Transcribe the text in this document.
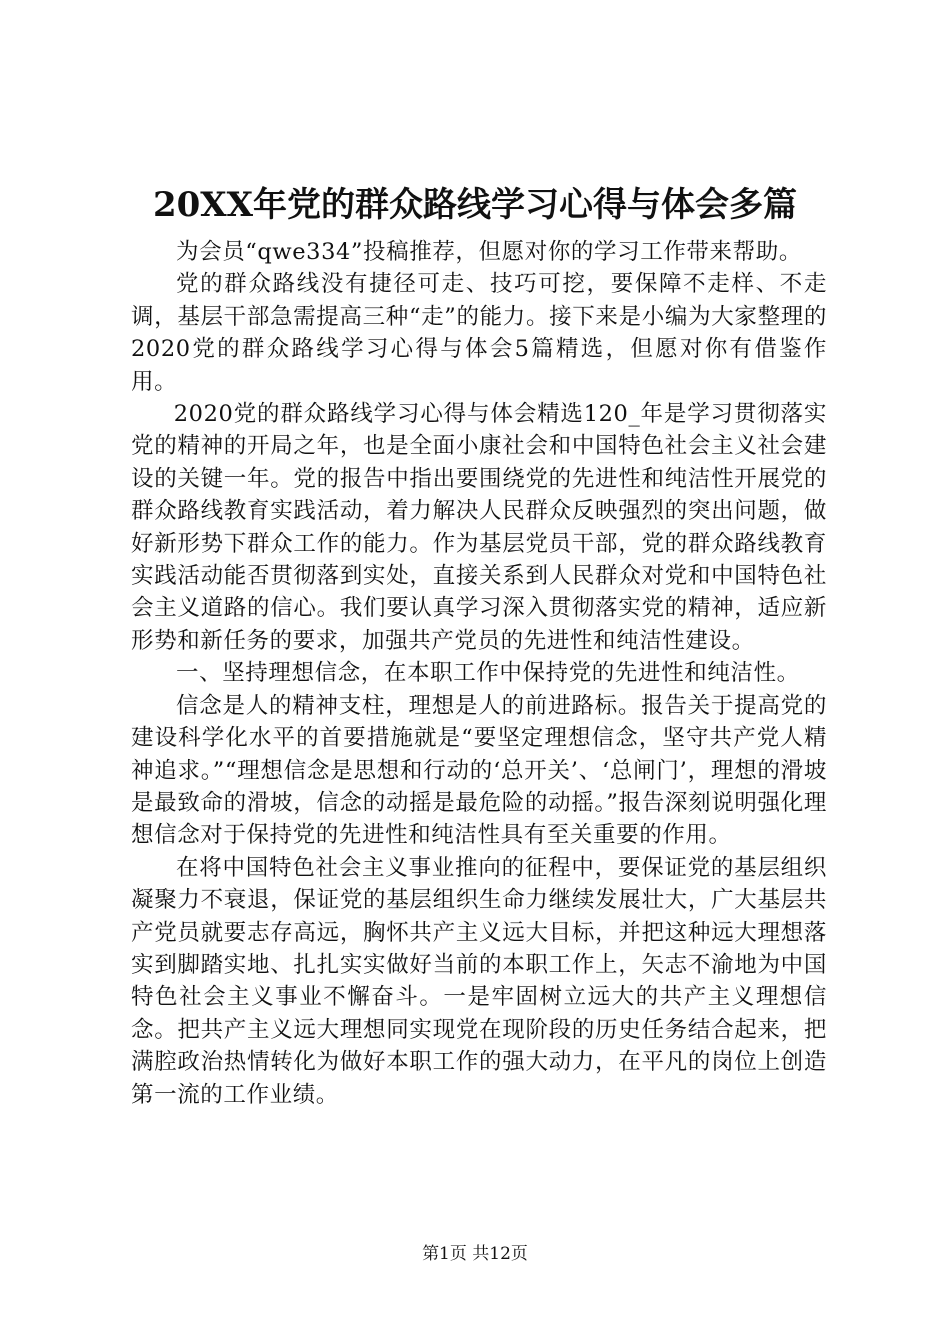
20XX年党的群众路线学习心得与体会多篇

为会员“qwe334”投稿推荐，但愿对你的学习工作带来帮助。

党的群众路线没有捷径可走、技巧可挖，要保障不走样、不走调，基层干部急需提高三种“走”的能力。接下来是小编为大家整理的2020党的群众路线学习心得与体会5篇精选，但愿对你有借鉴作用。

2020党的群众路线学习心得与体会精选120_年是学习贯彻落实党的精神的开局之年，也是全面小康社会和中国特色社会主义社会建设的关键一年。党的报告中指出要围绕党的先进性和纯洁性开展党的群众路线教育实践活动，着力解决人民群众反映强烈的突出问题，做好新形势下群众工作的能力。作为基层党员干部，党的群众路线教育实践活动能否贯彻落到实处，直接关系到人民群众对党和中国特色社会主义道路的信心。我们要认真学习深入贯彻落实党的精神，适应新形势和新任务的要求，加强共产党员的先进性和纯洁性建设。

一、坚持理想信念，在本职工作中保持党的先进性和纯洁性。

信念是人的精神支柱，理想是人的前进路标。报告关于提高党的建设科学化水平的首要措施就是“要坚定理想信念，坚守共产党人精神追求。”“理想信念是思想和行动的‘总开关’、‘总闸门’，理想的滑坡是最致命的滑坡，信念的动摇是最危险的动摇。”报告深刻说明强化理想信念对于保持党的先进性和纯洁性具有至关重要的作用。

在将中国特色社会主义事业推向的征程中，要保证党的基层组织凝聚力不衰退，保证党的基层组织生命力继续发展壮大，广大基层共产党员就要志存高远，胸怀共产主义远大目标，并把这种远大理想落实到脚踏实地、扎扎实实做好当前的本职工作上，矢志不渝地为中国特色社会主义事业不懈奋斗。一是牢固树立远大的共产主义理想信念。把共产主义远大理想同实现党在现阶段的历史任务结合起来，把满腔政治热情转化为做好本职工作的强大动力，在平凡的岗位上创造第一流的工作业绩。

第1页 共12页
